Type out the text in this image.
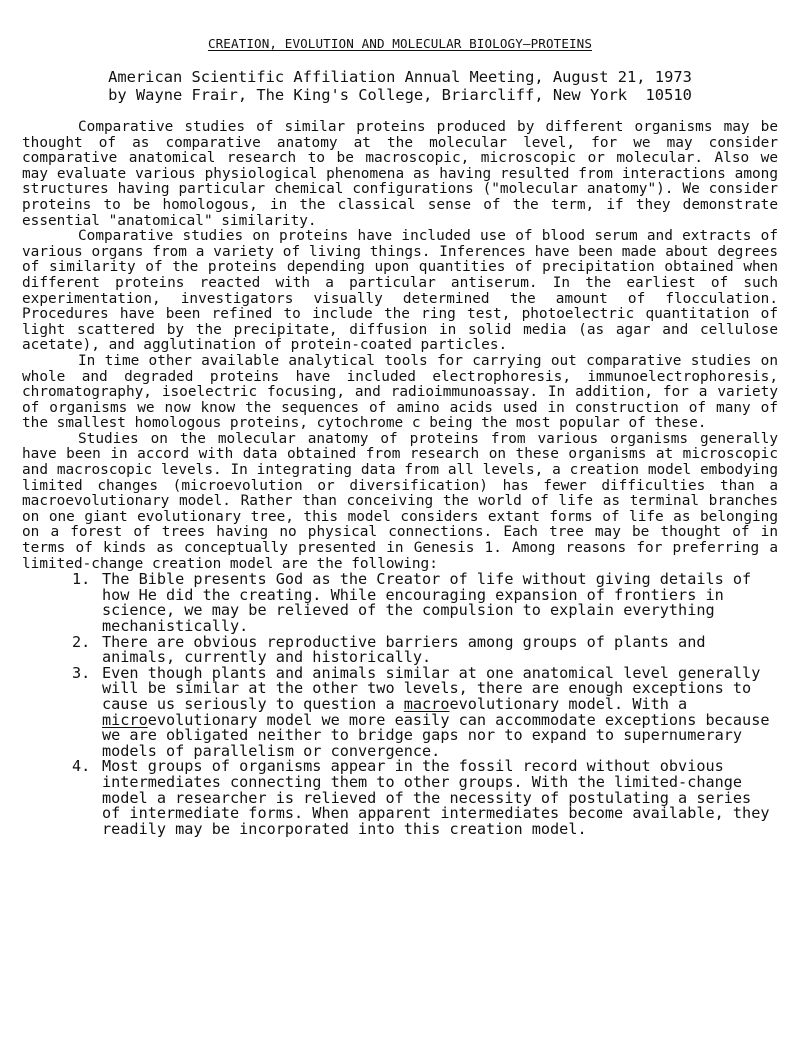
CREATION, EVOLUTION AND MOLECULAR BIOLOGY—PROTEINS
American Scientific Affiliation Annual Meeting, August 21, 1973
by Wayne Frair, The King's College, Briarcliff, New York  10510

Comparative studies of similar proteins produced by different organisms may be thought of as comparative anatomy at the molecular level, for we may consider comparative anatomical research to be macroscopic, microscopic or molecular. Also we may evaluate various physiological phenomena as having resulted from interactions among structures having particular chemical configurations ("molecular anatomy"). We consider proteins to be homologous, in the classical sense of the term, if they demonstrate essential "anatomical" similarity.

Comparative studies on proteins have included use of blood serum and extracts of various organs from a variety of living things. Inferences have been made about degrees of similarity of the proteins depending upon quantities of precipitation obtained when different proteins reacted with a particular antiserum. In the earliest of such experimentation, investigators visually determined the amount of flocculation. Procedures have been refined to include the ring test, photoelectric quantitation of light scattered by the precipitate, diffusion in solid media (as agar and cellulose acetate), and agglutination of protein-coated particles.

In time other available analytical tools for carrying out comparative studies on whole and degraded proteins have included electrophoresis, immunoelectrophoresis, chromatography, isoelectric focusing, and radioimmunoassay. In addition, for a variety of organisms we now know the sequences of amino acids used in construction of many of the smallest homologous proteins, cytochrome c being the most popular of these.

Studies on the molecular anatomy of proteins from various organisms generally have been in accord with data obtained from research on these organisms at microscopic and macroscopic levels. In integrating data from all levels, a creation model embodying limited changes (microevolution or diversification) has fewer difficulties than a macroevolutionary model. Rather than conceiving the world of life as terminal branches on one giant evolutionary tree, this model considers extant forms of life as belonging on a forest of trees having no physical connections. Each tree may be thought of in terms of kinds as conceptually presented in Genesis 1. Among reasons for preferring a limited-change creation model are the following:

1. The Bible presents God as the Creator of life without giving details of how He did the creating. While encouraging expansion of frontiers in science, we may be relieved of the compulsion to explain everything mechanistically.
2. There are obvious reproductive barriers among groups of plants and animals, currently and historically.
3. Even though plants and animals similar at one anatomical level generally will be similar at the other two levels, there are enough exceptions to cause us seriously to question a macroevolutionary model. With a microevolutionary model we more easily can accommodate exceptions because we are obligated neither to bridge gaps nor to expand to supernumerary models of parallelism or convergence.
4. Most groups of organisms appear in the fossil record without obvious intermediates connecting them to other groups. With the limited-change model a researcher is relieved of the necessity of postulating a series of intermediate forms. When apparent intermediates become available, they readily may be incorporated into this creation model.
